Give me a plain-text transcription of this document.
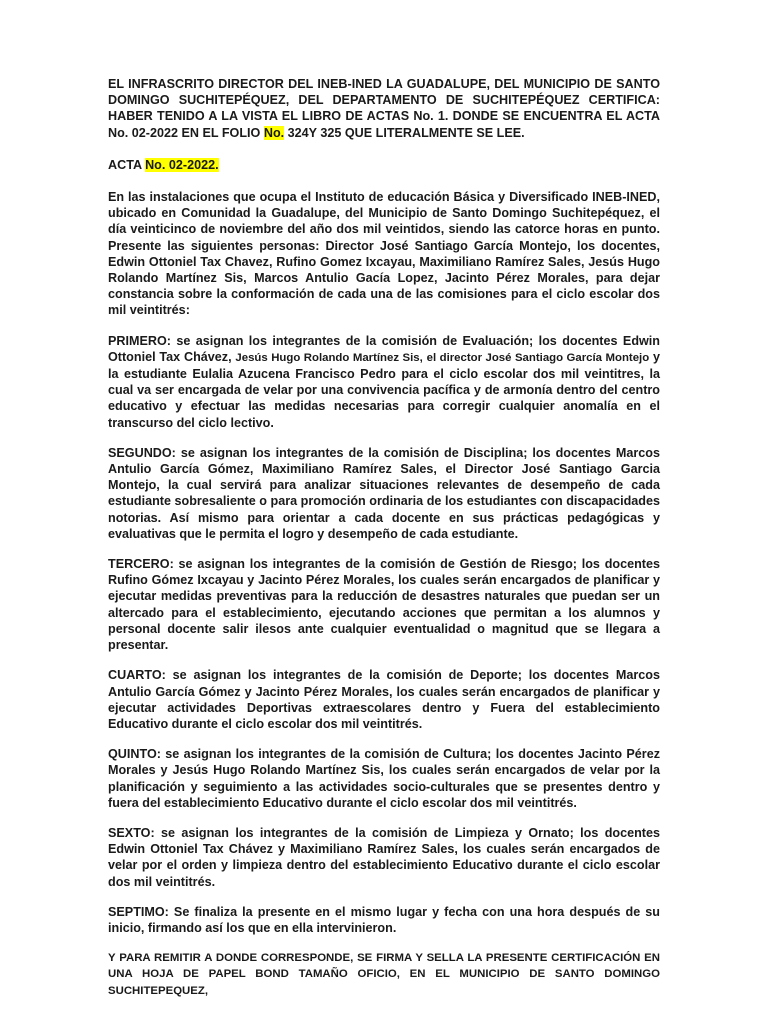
EL INFRASCRITO DIRECTOR DEL INEB-INED LA GUADALUPE, DEL MUNICIPIO DE SANTO DOMINGO SUCHITEPÉQUEZ, DEL DEPARTAMENTO DE SUCHITEPÉQUEZ CERTIFICA: HABER TENIDO A LA VISTA EL LIBRO DE ACTAS No. 1. DONDE SE ENCUENTRA EL ACTA No. 02-2022 EN EL FOLIO No. 324Y 325 QUE LITERALMENTE SE LEE.

ACTA No. 02-2022.

En las instalaciones que ocupa el Instituto de educación Básica y Diversificado INEB-INED, ubicado en Comunidad la Guadalupe, del Municipio de Santo Domingo Suchitepéquez, el día veinticinco de noviembre del año dos mil veintidos, siendo las catorce horas en punto. Presente las siguientes personas: Director José Santiago García Montejo, los docentes, Edwin Ottoniel Tax Chavez, Rufino Gomez Ixcayau, Maximiliano Ramírez Sales, Jesús Hugo Rolando Martínez Sis, Marcos Antulio Gacía Lopez, Jacinto Pérez Morales, para dejar constancia sobre la conformación de cada una de las comisiones para el ciclo escolar dos mil veintitrés:

PRIMERO: se asignan los integrantes de la comisión de Evaluación; los docentes Edwin Ottoniel Tax Chávez, Jesús Hugo Rolando Martínez Sis, el director José Santiago García Montejo y la estudiante Eulalia Azucena Francisco Pedro para el ciclo escolar dos mil veintitres, la cual va ser encargada de velar por una convivencia pacífica y de armonía dentro del centro educativo y efectuar las medidas necesarias para corregir cualquier anomalía en el transcurso del ciclo lectivo.

SEGUNDO: se asignan los integrantes de la comisión de Disciplina; los docentes Marcos Antulio García Gómez, Maximiliano Ramírez Sales, el Director José Santiago Garcia Montejo, la cual servirá para analizar situaciones relevantes de desempeño de cada estudiante sobresaliente o para promoción ordinaria de los estudiantes con discapacidades notorias. Así mismo para orientar a cada docente en sus prácticas pedagógicas y evaluativas que le permita el logro y desempeño de cada estudiante.

TERCERO: se asignan los integrantes de la comisión de Gestión de Riesgo; los docentes Rufino Gómez Ixcayau y Jacinto Pérez Morales, los cuales serán encargados de planificar y ejecutar medidas preventivas para la reducción de desastres naturales que puedan ser un altercado para el establecimiento, ejecutando acciones que permitan a los alumnos y personal docente salir ilesos ante cualquier eventualidad o magnitud que se llegara a presentar.

CUARTO: se asignan los integrantes de la comisión de Deporte; los docentes Marcos Antulio García Gómez y Jacinto Pérez Morales, los cuales serán encargados de planificar y ejecutar actividades Deportivas extraescolares dentro y Fuera del establecimiento Educativo durante el ciclo escolar dos mil veintitrés.

QUINTO: se asignan los integrantes de la comisión de Cultura; los docentes Jacinto Pérez Morales y Jesús Hugo Rolando Martínez Sis, los cuales serán encargados de velar por la planificación y seguimiento a las actividades socio-culturales que se presentes dentro y fuera del establecimiento Educativo durante el ciclo escolar dos mil veintitrés.

SEXTO: se asignan los integrantes de la comisión de Limpieza y Ornato; los docentes Edwin Ottoniel Tax Chávez y Maximiliano Ramírez Sales, los cuales serán encargados de velar por el orden y limpieza dentro del establecimiento Educativo durante el ciclo escolar dos mil veintitrés.

SEPTIMO: Se finaliza la presente en el mismo lugar y fecha con una hora después de su inicio, firmando así los que en ella intervinieron.

Y PARA REMITIR A DONDE CORRESPONDE, SE FIRMA Y SELLA LA PRESENTE CERTIFICACIÓN EN UNA HOJA DE PAPEL BOND TAMAÑO OFICIO, EN EL MUNICIPIO DE SANTO DOMINGO SUCHITEPEQUEZ,
